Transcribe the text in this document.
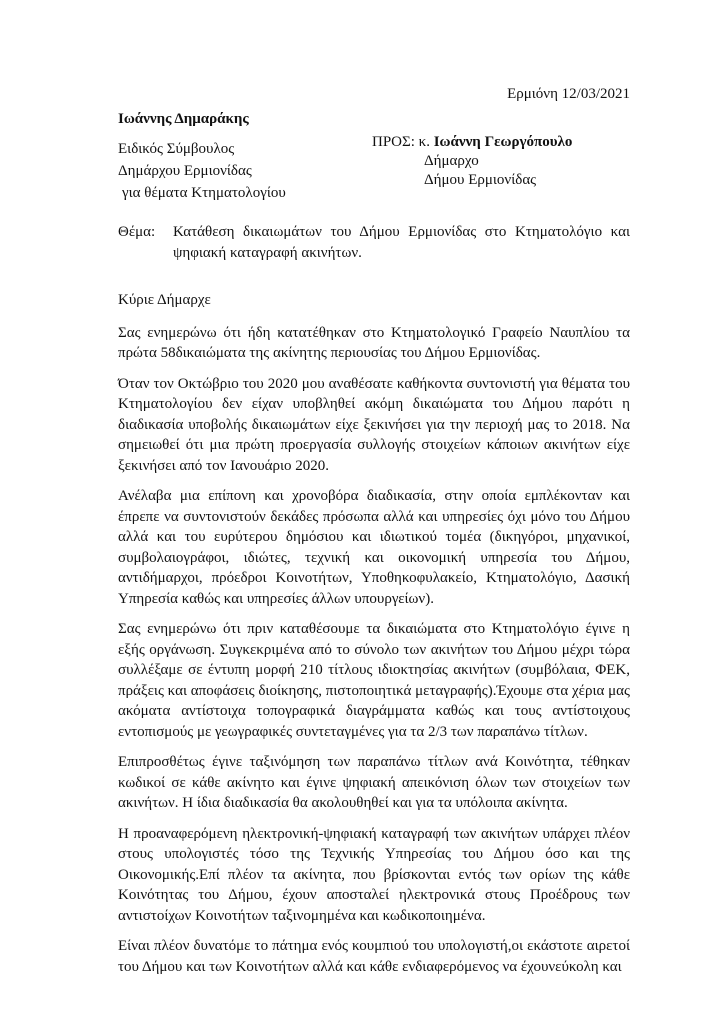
Ερμιόνη 12/03/2021
Ιωάννης Δημαράκης
Ειδικός Σύμβουλος
Δημάρχου Ερμιονίδας
για θέματα Κτηματολογίου
ΠΡΟΣ: κ. Ιωάννη Γεωργόπουλο
Δήμαρχο
Δήμου Ερμιονίδας
Θέμα: Κατάθεση δικαιωμάτων του Δήμου Ερμιονίδας στο Κτηματολόγιο και ψηφιακή καταγραφή ακινήτων.

Κύριε Δήμαρχε

Σας ενημερώνω ότι ήδη κατατέθηκαν στο Κτηματολογικό Γραφείο Ναυπλίου τα πρώτα 58δικαιώματα της ακίνητης περιουσίας του Δήμου Ερμιονίδας.

Όταν τον Οκτώβριο του 2020 μου αναθέσατε καθήκοντα συντονιστή για θέματα του Κτηματολογίου δεν είχαν υποβληθεί ακόμη δικαιώματα του Δήμου παρότι η διαδικασία υποβολής δικαιωμάτων είχε ξεκινήσει για την περιοχή μας το 2018. Να σημειωθεί ότι μια πρώτη προεργασία συλλογής στοιχείων κάποιων ακινήτων είχε ξεκινήσει από τον Ιανουάριο 2020.

Ανέλαβα μια επίπονη και χρονοβόρα διαδικασία, στην οποία εμπλέκονταν και έπρεπε να συντονιστούν δεκάδες πρόσωπα αλλά και υπηρεσίες όχι μόνο του Δήμου αλλά και του ευρύτερου δημόσιου και ιδιωτικού τομέα (δικηγόροι, μηχανικοί, συμβολαιογράφοι, ιδιώτες, τεχνική και οικονομική υπηρεσία του Δήμου, αντιδήμαρχοι, πρόεδροι Κοινοτήτων, Υποθηκοφυλακείο, Κτηματολόγιο, Δασική Υπηρεσία καθώς και υπηρεσίες άλλων υπουργείων).

Σας ενημερώνω ότι πριν καταθέσουμε τα δικαιώματα στο Κτηματολόγιο έγινε η εξής οργάνωση. Συγκεκριμένα από το σύνολο των ακινήτων του Δήμου μέχρι τώρα συλλέξαμε σε έντυπη μορφή 210 τίτλους ιδιοκτησίας ακινήτων (συμβόλαια, ΦΕΚ, πράξεις και αποφάσεις διοίκησης, πιστοποιητικά μεταγραφής).Έχουμε στα χέρια μας ακόματα αντίστοιχα τοπογραφικά διαγράμματα καθώς και τους αντίστοιχους εντοπισμούς με γεωγραφικές συντεταγμένες για τα 2/3 των παραπάνω τίτλων.

Επιπροσθέτως έγινε ταξινόμηση των παραπάνω τίτλων ανά Κοινότητα, τέθηκαν κωδικοί σε κάθε ακίνητο και έγινε ψηφιακή απεικόνιση όλων των στοιχείων των ακινήτων. Η ίδια διαδικασία θα ακολουθηθεί και για τα υπόλοιπα ακίνητα.

Η προαναφερόμενη ηλεκτρονική-ψηφιακή καταγραφή των ακινήτων υπάρχει πλέον στους υπολογιστές τόσο της Τεχνικής Υπηρεσίας του Δήμου όσο και της Οικονομικής.Επί πλέον τα ακίνητα, που βρίσκονται εντός των ορίων της κάθε Κοινότητας του Δήμου, έχουν αποσταλεί ηλεκτρονικά στους Προέδρους των αντιστοίχων Κοινοτήτων ταξινομημένα και κωδικοποιημένα.

Είναι πλέον δυνατόμε το πάτημα ενός κουμπιού του υπολογιστή,οι εκάστοτε αιρετοί του Δήμου και των Κοινοτήτων αλλά και κάθε ενδιαφερόμενος να έχουνεύκολη και
